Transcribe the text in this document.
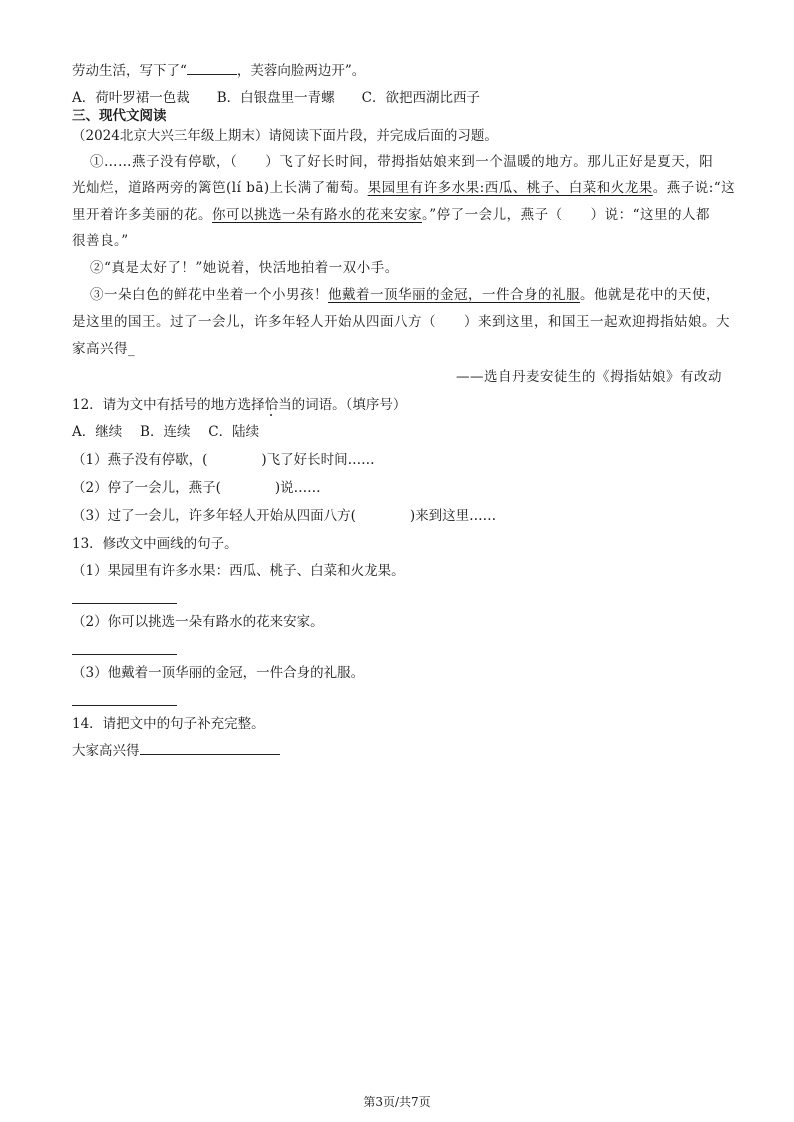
劳动生活，写下了“	，芙蓉向脸两边开”。
A．荷叶罗裙一色裁　　B．白银盘里一青螺　　C．欲把西湖比西子
三、现代文阅读
（2024北京大兴三年级上期末）请阅读下面片段，并完成后面的习题。
①……燕子没有停歇，（　　）飞了好长时间，带拇指姑娘来到一个温暖的地方。那儿正好是夏天，阳
光灿烂，道路两旁的篱笆(lí bā)上长满了葡萄。果园里有许多水果:西瓜、桃子、白菜和火龙果。燕子说:“这
里开着许多美丽的花。你可以挑选一朵有路水的花来安家。”停了一会儿，燕子（　　）说：“这里的人都
很善良。”
②“真是太好了！”她说着，快活地拍着一双小手。
③一朵白色的鲜花中坐着一个小男孩！他戴着一顶华丽的金冠，一件合身的礼服。他就是花中的天使，
是这里的国王。过了一会儿，许多年轻人开始从四面八方（　　）来到这里，和国王一起欢迎拇指姑娘。大
家高兴得_
——选自丹麦安徒生的《拇指姑娘》有改动
12．请为文中有括号的地方选择恰当的词语。（填序号）
A．继续　 B．连续　 C．陆续
（1）燕子没有停歇，(　　　　)飞了好长时间……
（2）停了一会儿，燕子(　　　　)说……
（3）过了一会儿，许多年轻人开始从四面八方(　　　　)来到这里……
13．修改文中画线的句子。
（1）果园里有许多水果：西瓜、桃子、白菜和火龙果。
（2）你可以挑选一朵有路水的花来安家。
（3）他戴着一顶华丽的金冠，一件合身的礼服。
14．请把文中的句子补充完整。
大家高兴得
第3页/共7页
